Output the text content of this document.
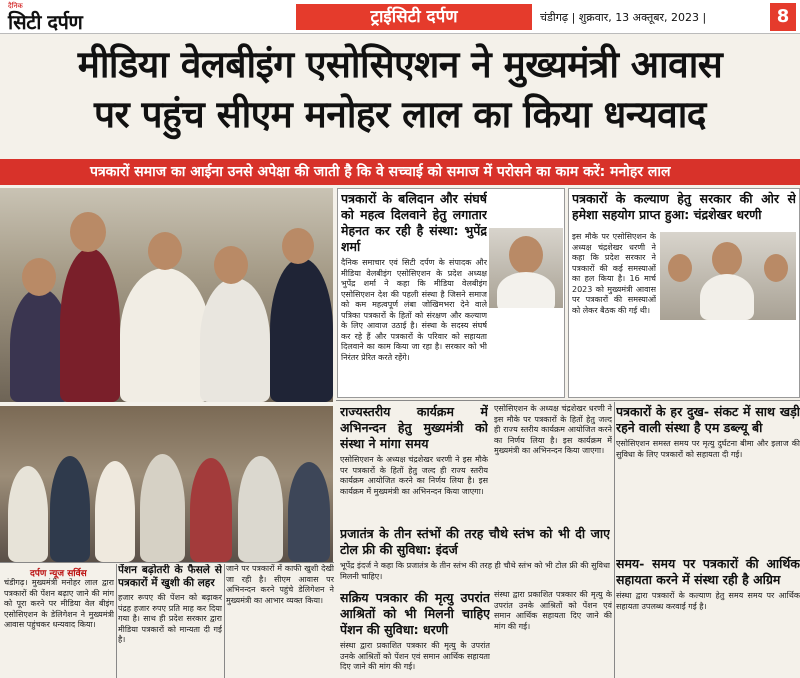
दैनिक
सिटी दर्पण	ट्राईसिटी दर्पण	चंडीगढ़ | शुक्रवार, 13 अक्तूबर, 2023 |	8
मीडिया वेलबीइंग एसोसिएशन ने मुख्यमंत्री आवास
पर पहुंच सीएम मनोहर लाल का किया धन्यवाद
पत्रकारों समाज का आईना उनसे अपेक्षा की जाती है कि वे सच्चाई को समाज में परोसने का काम करें: मनोहर लाल
पत्रकारों के बलिदान और संघर्ष को महत्व दिलवाने हेतु लगातार मेहनत कर रही है संस्था: भुपेंद्र शर्मा
दैनिक समाचार एवं सिटी दर्पण के संपादक और मीडिया वेलबीइंग एसोसिएशन के प्रदेश अध्यक्ष भुपेंद्र शर्मा ने कहा कि मीडिया वेलबीइंग एसोसिएशन देश की पहली संस्था है जिसने समाज को कम महत्वपूर्ण लंबा जोखिमभरा देने वाले पत्रिका पत्रकारों के हितों को संरक्षण और कल्याण के लिए आवाज उठाई है। संस्था के सदस्य संघर्ष कर रहे हैं और पत्रकारों के परिवार को सहायता दिलवाने का काम किया जा रहा है। सरकार को भी निरंतर प्रेरित करते रहेंगे।
पत्रकारों के कल्याण हेतु सरकार की ओर से हमेशा सहयोग प्राप्त हुआ: चंद्रशेखर धरणी
इस मौके पर एसोसिएशन के अध्यक्ष चंद्रशेखर धरणी ने कहा कि प्रदेश सरकार ने पत्रकारों की कई समस्याओं का हल किया है। 16 मार्च 2023 को मुख्यमंत्री आवास पर पत्रकारों की समस्याओं को लेकर बैठक की गई थी।
राज्यस्तरीय कार्यक्रम में अभिनन्दन हेतु मुख्यमंत्री को संस्था ने मांगा समय
एसोसिएशन के अध्यक्ष चंद्रशेखर धरणी ने इस मौके पर पत्रकारों के हितों हेतु जल्द ही राज्य स्तरीय कार्यक्रम आयोजित करने का निर्णय लिया है। इस कार्यक्रम में मुख्यमंत्री का अभिनन्दन किया जाएगा।
एसोसिएशन के अध्यक्ष चंद्रशेखर धरणी ने इस मौके पर पत्रकारों के हितों हेतु जल्द ही राज्य स्तरीय कार्यक्रम आयोजित करने का निर्णय लिया है। इस कार्यक्रम में मुख्यमंत्री का अभिनन्दन किया जाएगा।
प्रजातंत्र के तीन स्तंभों की तरह चौथे स्तंभ को भी दी जाए टोल फ्री की सुविधा: इंदर्ज
भूपेंद्र इंदर्ज ने कहा कि प्रजातंत्र के तीन स्तंभ की तरह ही चौथे स्तंभ को भी टोल फ्री की सुविधा मिलनी चाहिए।
सक्रिय पत्रकार की मृत्यु उपरांत आश्रितों को भी मिलनी चाहिए पेंशन की सुविधा: धरणी
संस्था द्वारा प्रकाशित पत्रकार की मृत्यु के उपरांत उनके आश्रितों को पेंशन एवं समान आर्थिक सहायता दिए जाने की मांग की गई।
संस्था द्वारा प्रकाशित पत्रकार की मृत्यु के उपरांत उनके आश्रितों को पेंशन एवं समान आर्थिक सहायता दिए जाने की मांग की गई।
पत्रकारों के हर दुख- संकट में साथ खड़ी रहने वाली संस्था है एम डब्ल्यू बी
एसोसिएशन समस्त समय पर मृत्यु दुर्घटना बीमा और इलाज की सुविधा के लिए पत्रकारों को सहायता दी गई।
समय- समय पर पत्रकारों की आर्थिक सहायता करने में संस्था रही है अग्रिम
संस्था द्वारा पत्रकारों के कल्याण हेतु समय समय पर आर्थिक सहायता उपलब्ध करवाई गई है।
दर्पण न्यूज सर्विस
चंडीगढ़। मुख्यमंत्री मनोहर लाल द्वारा पत्रकारों की पेंशन बढ़ाए जाने की मांग को पूरा करने पर मीडिया वेल बीइंग एसोसिएशन के डेलिगेशन ने मुख्यमंत्री आवास पहुंचकर धन्यवाद किया।
पेंशन बढ़ोतरी के फैसले से पत्रकारों में खुशी की लहर
हजार रूपए की पेंशन को बढ़ाकर पंद्रह हजार रुपए प्रति माह कर दिया गया है। साथ ही प्रदेश सरकार द्वारा मीडिया पत्रकारों को मान्यता दी गई है।
जाने पर पत्रकारों में काफी खुशी देखी जा रही है। सीएम आवास पर अभिनन्दन करने पहुंचे डेलिगेशन ने मुख्यमंत्री का आभार व्यक्त किया।
